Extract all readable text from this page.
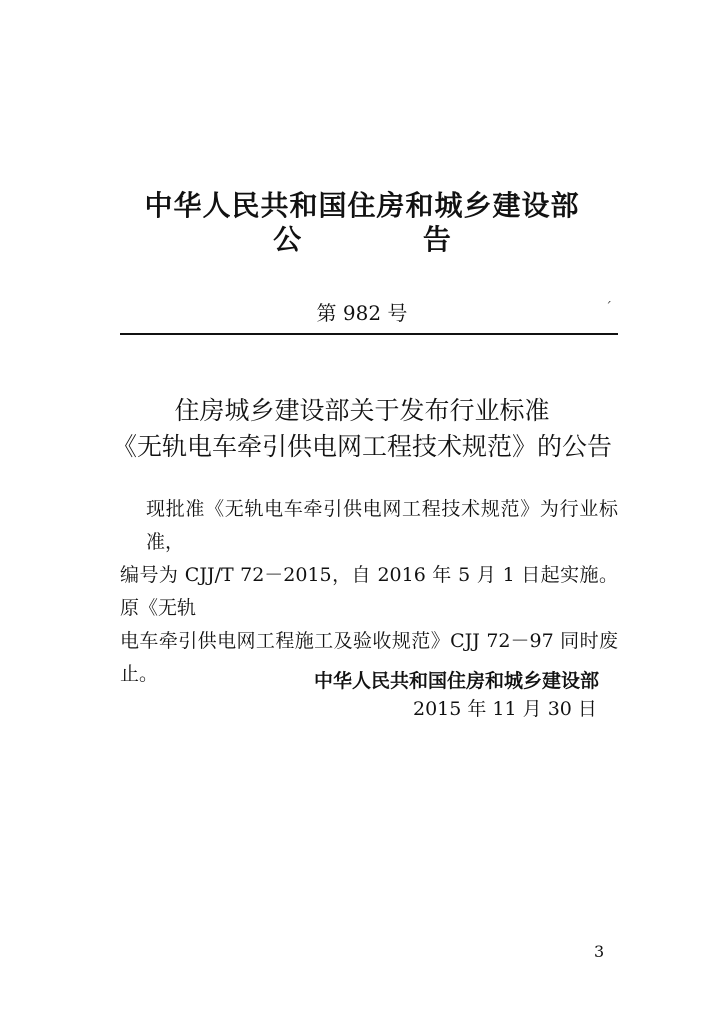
中华人民共和国住房和城乡建设部
公 告
第 982 号	ˊ
住房城乡建设部关于发布行业标准
《无轨电车牵引供电网工程技术规范》的公告
现批准《无轨电车牵引供电网工程技术规范》为行业标准，
编号为 CJJ/T 72－2015，自 2016 年 5 月 1 日起实施。原《无轨
电车牵引供电网工程施工及验收规范》CJJ 72－97 同时废止。	中华人民共和国住房和城乡建设部
2015 年 11 月 30 日
3
